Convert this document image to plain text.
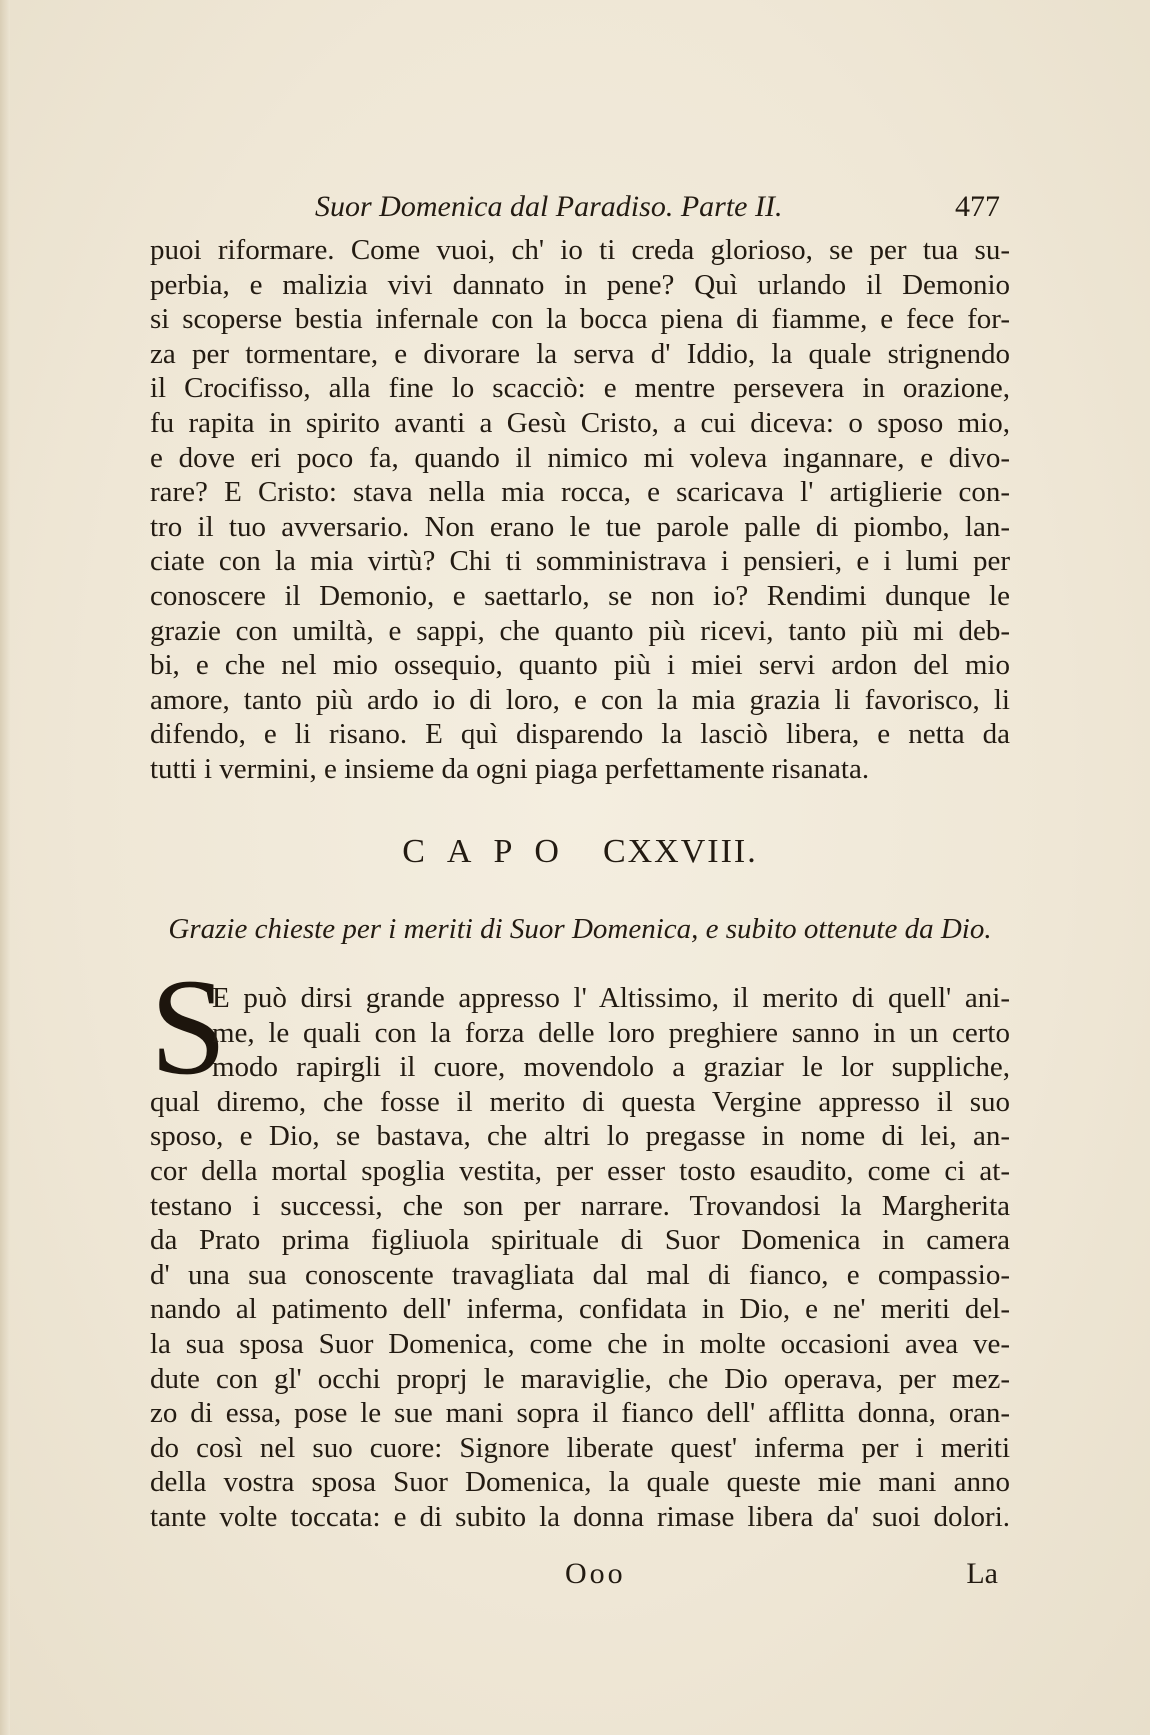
Suor Domenica dal Paradiso. Parte II.	477
puoi riformare. Come vuoi, ch' io ti creda glorioso, se per tua su-
perbia, e malizia vivi dannato in pene? Quì urlando il Demonio
si scoperse bestia infernale con la bocca piena di fiamme, e fece for-
za per tormentare, e divorare la serva d' Iddio, la quale strignendo
il Crocifisso, alla fine lo scacciò: e mentre persevera in orazione,
fu rapita in spirito avanti a Gesù Cristo, a cui diceva: o sposo mio,
e dove eri poco fa, quando il nimico mi voleva ingannare, e divo-
rare? E Cristo: stava nella mia rocca, e scaricava l' artiglierie con-
tro il tuo avversario. Non erano le tue parole palle di piombo, lan-
ciate con la mia virtù? Chi ti somministrava i pensieri, e i lumi per
conoscere il Demonio, e saettarlo, se non io? Rendimi dunque le
grazie con umiltà, e sappi, che quanto più ricevi, tanto più mi deb-
bi, e che nel mio ossequio, quanto più i miei servi ardon del mio
amore, tanto più ardo io di loro, e con la mia grazia li favorisco, li
difendo, e li risano. E quì disparendo la lasciò libera, e netta da
tutti i vermini, e insieme da ogni piaga perfettamente risanata.
CAPO CXXVIII.
Grazie chieste per i meriti di Suor Domenica, e subito ottenute da Dio.
S
E può dirsi grande appresso l' Altissimo, il merito di quell' ani-
me, le quali con la forza delle loro preghiere sanno in un certo
modo rapirgli il cuore, movendolo a graziar le lor suppliche,
qual diremo, che fosse il merito di questa Vergine appresso il suo
sposo, e Dio, se bastava, che altri lo pregasse in nome di lei, an-
cor della mortal spoglia vestita, per esser tosto esaudito, come ci at-
testano i successi, che son per narrare. Trovandosi la Margherita
da Prato prima figliuola spirituale di Suor Domenica in camera
d' una sua conoscente travagliata dal mal di fianco, e compassio-
nando al patimento dell' inferma, confidata in Dio, e ne' meriti del-
la sua sposa Suor Domenica, come che in molte occasioni avea ve-
dute con gl' occhi proprj le maraviglie, che Dio operava, per mez-
zo di essa, pose le sue mani sopra il fianco dell' afflitta donna, oran-
do così nel suo cuore: Signore liberate quest' inferma per i meriti
della vostra sposa Suor Domenica, la quale queste mie mani anno
tante volte toccata: e di subito la donna rimase libera da' suoi dolori.
Ooo	La
